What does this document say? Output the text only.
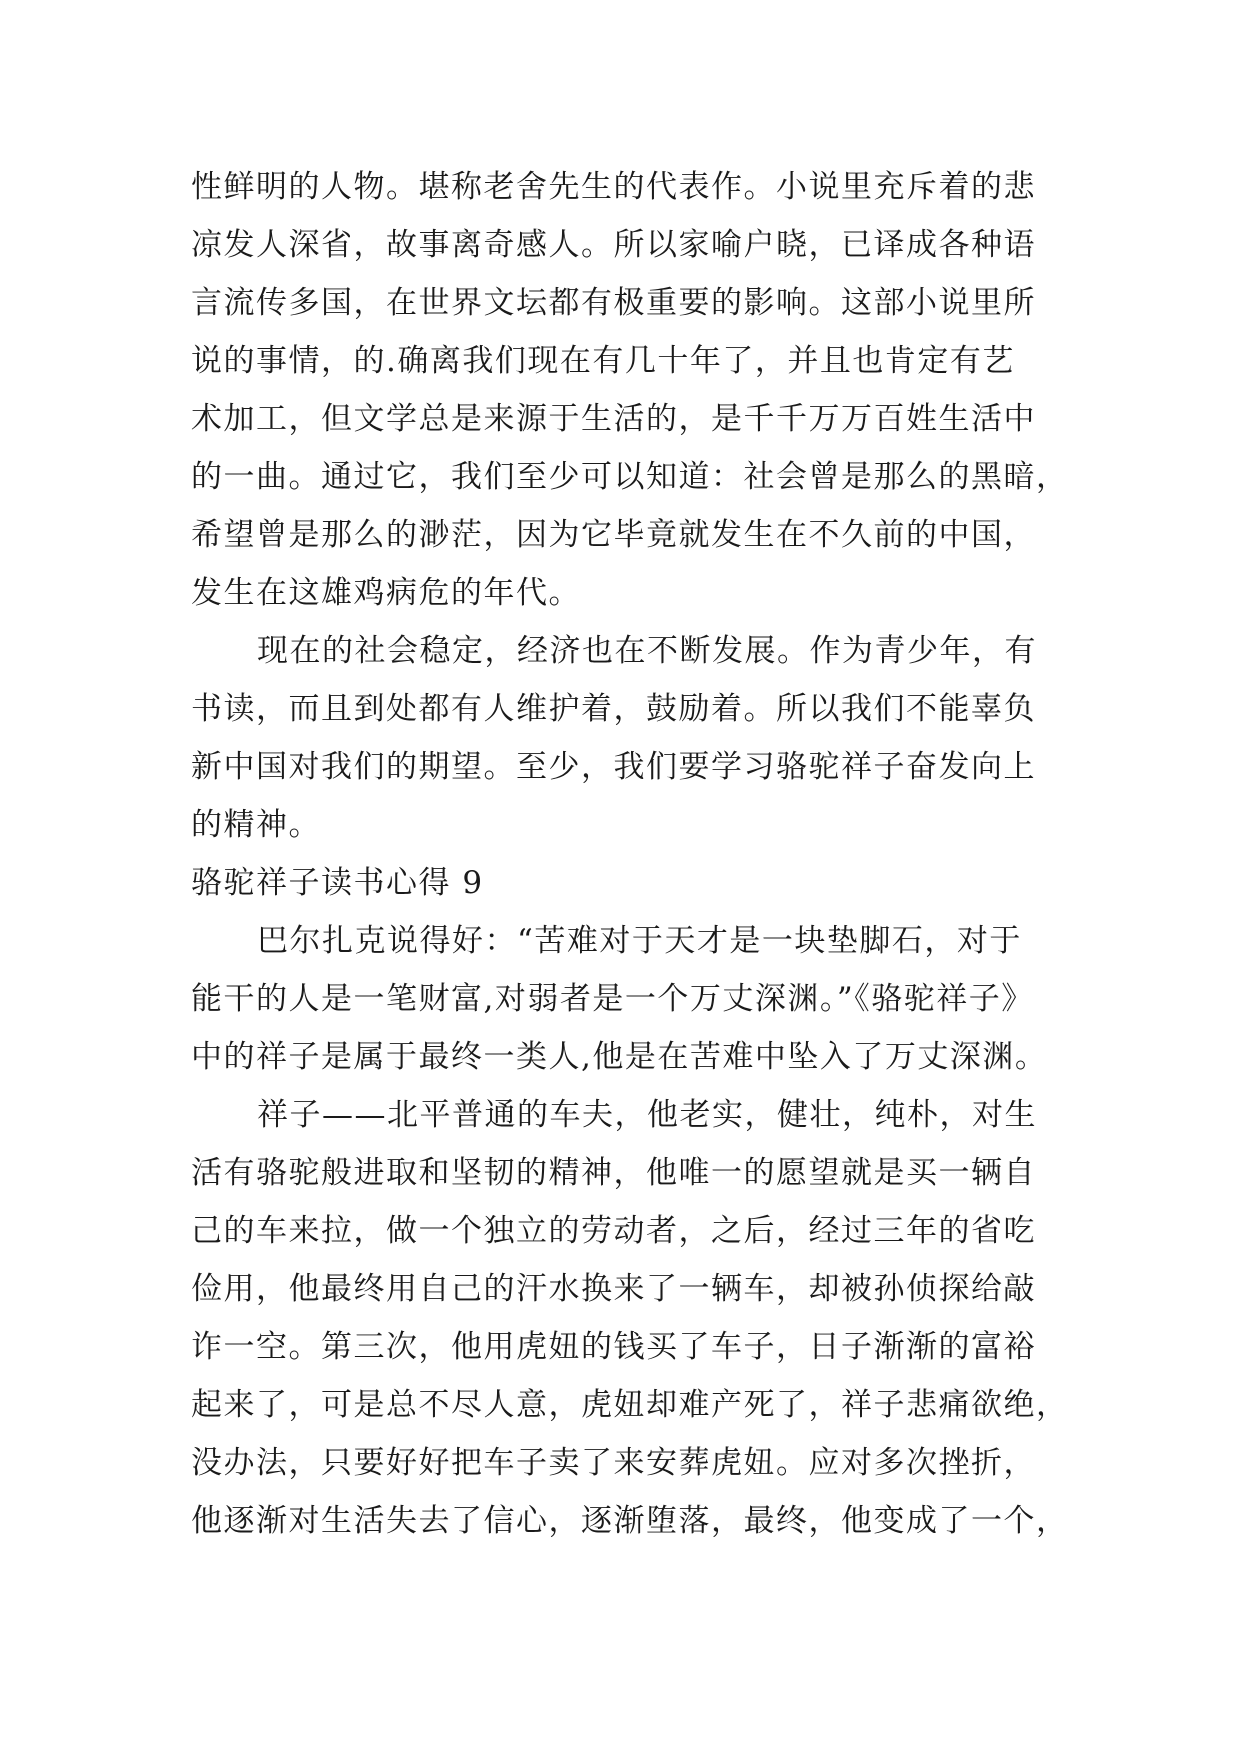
性鲜明的人物。堪称老舍先生的代表作。小说里充斥着的悲
凉发人深省，故事离奇感人。所以家喻户晓，已译成各种语
言流传多国，在世界文坛都有极重要的影响。这部小说里所
说的事情，的.确离我们现在有几十年了，并且也肯定有艺
术加工，但文学总是来源于生活的，是千千万万百姓生活中
的一曲。通过它，我们至少可以知道：社会曾是那么的黑暗，
希望曾是那么的渺茫，因为它毕竟就发生在不久前的中国，
发生在这雄鸡病危的年代。
现在的社会稳定，经济也在不断发展。作为青少年，有
书读，而且到处都有人维护着，鼓励着。所以我们不能辜负
新中国对我们的期望。至少，我们要学习骆驼祥子奋发向上
的精神。
骆驼祥子读书心得 9
巴尔扎克说得好：“苦难对于天才是一块垫脚石，对于
能干的人是一笔财富,对弱者是一个万丈深渊。”《骆驼祥子》
中的祥子是属于最终一类人,他是在苦难中坠入了万丈深渊。
祥子——北平普通的车夫，他老实，健壮，纯朴，对生
活有骆驼般进取和坚韧的精神，他唯一的愿望就是买一辆自
己的车来拉，做一个独立的劳动者，之后，经过三年的省吃
俭用，他最终用自己的汗水换来了一辆车，却被孙侦探给敲
诈一空。第三次，他用虎妞的钱买了车子，日子渐渐的富裕
起来了，可是总不尽人意，虎妞却难产死了，祥子悲痛欲绝，
没办法，只要好好把车子卖了来安葬虎妞。应对多次挫折，
他逐渐对生活失去了信心，逐渐堕落，最终，他变成了一个，
